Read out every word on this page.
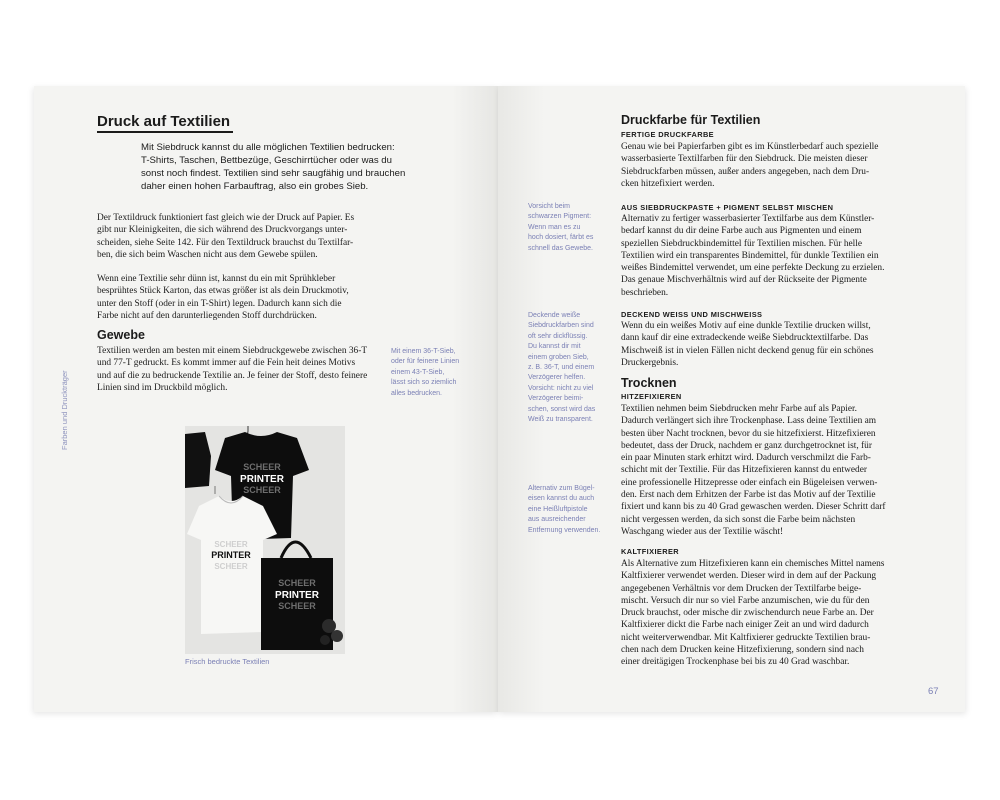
Farben und Druckträger
Druck auf Textilien
Mit Siebdruck kannst du alle möglichen Textilien bedrucken:
T-Shirts, Taschen, Bettbezüge, Geschirrtücher oder was du
sonst noch findest. Textilien sind sehr saugfähig und brauchen
daher einen hohen Farbauftrag, also ein grobes Sieb.
Der Textildruck funktioniert fast gleich wie der Druck auf Papier. Es
gibt nur Kleinigkeiten, die sich während des Druckvorgangs unter-
scheiden, siehe Seite 142. Für den Textildruck brauchst du Textilfar-
ben, die sich beim Waschen nicht aus dem Gewebe spülen.
Wenn eine Textilie sehr dünn ist, kannst du ein mit Sprühkleber
besprühtes Stück Karton, das etwas größer ist als dein Druckmotiv,
unter den Stoff (oder in ein T-Shirt) legen. Dadurch kann sich die
Farbe nicht auf den darunterliegenden Stoff durchdrücken.
Gewebe
Textilien werden am besten mit einem Siebdruckgewebe zwischen 36-T
und 77-T gedruckt. Es kommt immer auf die Fein heit deines Motivs
und auf die zu bedruckende Textilie an. Je feiner der Stoff, desto feinere
Linien sind im Druckbild möglich.
Mit einem 36-T-Sieb,
oder für feinere Linien
einem 43-T-Sieb,
lässt sich so ziemlich
alles bedrucken.
SCHEER
PRINTER
SCHEER
SCHEER
PRINTER
SCHEER
SCHEER
PRINTER
SCHEER
Frisch bedruckte Textilien
Vorsicht beim
schwarzen Pigment:
Wenn man es zu
hoch dosiert, färbt es
schnell das Gewebe.
Deckende weiße
Siebdruckfarben sind
oft sehr dickflüssig.
Du kannst dir mit
einem groben Sieb,
z. B. 36-T, und einem
Verzögerer helfen.
Vorsicht: nicht zu viel
Verzögerer beimi-
schen, sonst wird das
Weiß zu transparent.
Alternativ zum Bügel-
eisen kannst du auch
eine Heißluftpistole
aus ausreichender
Entfernung verwenden.
Druckfarbe für Textilien
FERTIGE DRUCKFARBE
Genau wie bei Papierfarben gibt es im Künstlerbedarf auch spezielle
wasserbasierte Textilfarben für den Siebdruck. Die meisten dieser
Siebdruckfarben müssen, außer anders angegeben, nach dem Dru-
cken hitzefixiert werden.
AUS SIEBDRUCKPASTE + PIGMENT SELBST MISCHEN
Alternativ zu fertiger wasserbasierter Textilfarbe aus dem Künstler-
bedarf kannst du dir deine Farbe auch aus Pigmenten und einem
speziellen Siebdruckbindemittel für Textilien mischen. Für helle
Textilien wird ein transparentes Bindemittel, für dunkle Textilien ein
weißes Bindemittel verwendet, um eine perfekte Deckung zu erzielen.
Das genaue Mischverhältnis wird auf der Rückseite der Pigmente
beschrieben.
DECKEND WEISS UND MISCHWEISS
Wenn du ein weißes Motiv auf eine dunkle Textilie drucken willst,
dann kauf dir eine extradeckende weiße Siebdrucktextilfarbe. Das
Mischweiß ist in vielen Fällen nicht deckend genug für ein schönes
Druckergebnis.
Trocknen
HITZEFIXIEREN
Textilien nehmen beim Siebdrucken mehr Farbe auf als Papier.
Dadurch verlängert sich ihre Trockenphase. Lass deine Textilien am
besten über Nacht trocknen, bevor du sie hitzefixierst. Hitzefixieren
bedeutet, dass der Druck, nachdem er ganz durchgetrocknet ist, für
ein paar Minuten stark erhitzt wird. Dadurch verschmilzt die Farb-
schicht mit der Textilie. Für das Hitzefixieren kannst du entweder
eine professionelle Hitzepresse oder einfach ein Bügeleisen verwen-
den. Erst nach dem Erhitzen der Farbe ist das Motiv auf der Textilie
fixiert und kann bis zu 40 Grad gewaschen werden. Dieser Schritt darf
nicht vergessen werden, da sich sonst die Farbe beim nächsten
Waschgang wieder aus der Textilie wäscht!
KALTFIXIERER
Als Alternative zum Hitzefixieren kann ein chemisches Mittel namens
Kaltfixierer verwendet werden. Dieser wird in dem auf der Packung
angegebenen Verhältnis vor dem Drucken der Textilfarbe beige-
mischt. Versuch dir nur so viel Farbe anzumischen, wie du für den
Druck brauchst, oder mische dir zwischendurch neue Farbe an. Der
Kaltfixierer dickt die Farbe nach einiger Zeit an und wird dadurch
nicht weiterverwendbar. Mit Kaltfixierer gedruckte Textilien brau-
chen nach dem Drucken keine Hitzefixierung, sondern sind nach
einer dreitägigen Trockenphase bei bis zu 40 Grad waschbar.
67
